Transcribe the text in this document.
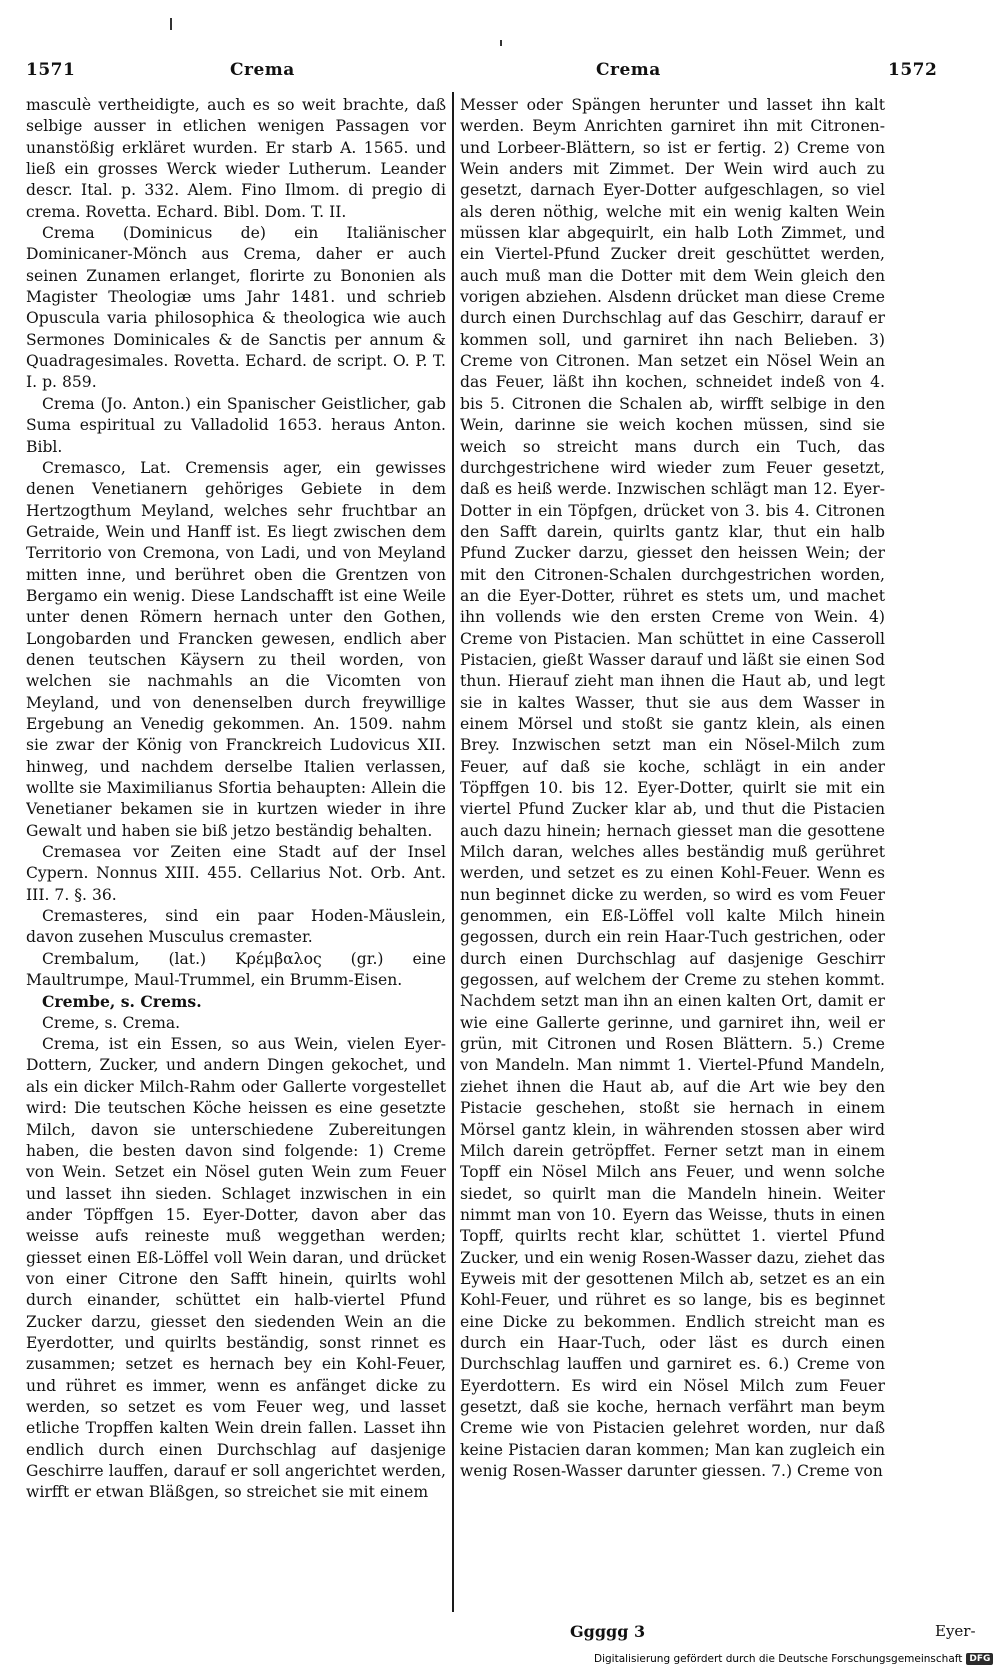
1571	Crema	Crema	1572

masculè vertheidigte, auch es so weit brachte, daß selbige ausser in etlichen wenigen Passagen vor unanstößig erkläret wurden. Er starb A. 1565. und ließ ein grosses Werck wieder Lutherum. Leander descr. Ital. p. 332. Alem. Fino Ilmom. di pregio di crema. Rovetta. Echard. Bibl. Dom. T. II.

Crema (Dominicus de) ein Italiänischer Dominicaner-Mönch aus Crema, daher er auch seinen Zunamen erlanget, florirte zu Bononien als Magister Theologiæ ums Jahr 1481. und schrieb Opuscula varia philosophica & theologica wie auch Sermones Dominicales & de Sanctis per annum & Quadragesimales. Rovetta. Echard. de script. O. P. T. I. p. 859.

Crema (Jo. Anton.) ein Spanischer Geistlicher, gab Suma espiritual zu Valladolid 1653. heraus Anton. Bibl.

Cremasco, Lat. Cremensis ager, ein gewisses denen Venetianern gehöriges Gebiete in dem Hertzogthum Meyland, welches sehr fruchtbar an Getraide, Wein und Hanff ist. Es liegt zwischen dem Territorio von Cremona, von Ladi, und von Meyland mitten inne, und berühret oben die Grentzen von Bergamo ein wenig. Diese Landschafft ist eine Weile unter denen Römern hernach unter den Gothen, Longobarden und Francken gewesen, endlich aber denen teutschen Käysern zu theil worden, von welchen sie nachmahls an die Vicomten von Meyland, und von denenselben durch freywillige Ergebung an Venedig gekommen. An. 1509. nahm sie zwar der König von Franckreich Ludovicus XII. hinweg, und nachdem derselbe Italien verlassen, wollte sie Maximilianus Sfortia behaupten: Allein die Venetianer bekamen sie in kurtzen wieder in ihre Gewalt und haben sie biß jetzo beständig behalten.

Cremasea vor Zeiten eine Stadt auf der Insel Cypern. Nonnus XIII. 455. Cellarius Not. Orb. Ant. III. 7. §. 36.

Cremasteres, sind ein paar Hoden-Mäuslein, davon zusehen Musculus cremaster.

Crembalum, (lat.) Κρέμβαλος (gr.) eine Maultrumpe, Maul-Trummel, ein Brumm-Eisen.

Crembe, s. Crems.

Creme, s. Crema.

Crema, ist ein Essen, so aus Wein, vielen Eyer-Dottern, Zucker, und andern Dingen gekochet, und als ein dicker Milch-Rahm oder Gallerte vorgestellet wird: Die teutschen Köche heissen es eine gesetzte Milch, davon sie unterschiedene Zubereitungen haben, die besten davon sind folgende: 1) Creme von Wein. Setzet ein Nösel guten Wein zum Feuer und lasset ihn sieden. Schlaget inzwischen in ein ander Töpffgen 15. Eyer-Dotter, davon aber das weisse aufs reineste muß weggethan werden; giesset einen Eß-Löffel voll Wein daran, und drücket von einer Citrone den Safft hinein, quirlts wohl durch einander, schüttet ein halb-viertel Pfund Zucker darzu, giesset den siedenden Wein an die Eyerdotter, und quirlts beständig, sonst rinnet es zusammen; setzet es hernach bey ein Kohl-Feuer, und rühret es immer, wenn es anfänget dicke zu werden, so setzet es vom Feuer weg, und lasset etliche Tropffen kalten Wein drein fallen. Lasset ihn endlich durch einen Durchschlag auf dasjenige Geschirre lauffen, darauf er soll angerichtet werden, wirfft er etwan Bläßgen, so streichet sie mit einem

Messer oder Spängen herunter und lasset ihn kalt werden. Beym Anrichten garniret ihn mit Citronen-und Lorbeer-Blättern, so ist er fertig. 2) Creme von Wein anders mit Zimmet. Der Wein wird auch zu gesetzt, darnach Eyer-Dotter aufgeschlagen, so viel als deren nöthig, welche mit ein wenig kalten Wein müssen klar abgequirlt, ein halb Loth Zimmet, und ein Viertel-Pfund Zucker dreit geschüttet werden, auch muß man die Dotter mit dem Wein gleich den vorigen abziehen. Alsdenn drücket man diese Creme durch einen Durchschlag auf das Geschirr, darauf er kommen soll, und garniret ihn nach Belieben. 3) Creme von Citronen. Man setzet ein Nösel Wein an das Feuer, läßt ihn kochen, schneidet indeß von 4. bis 5. Citronen die Schalen ab, wirfft selbige in den Wein, darinne sie weich kochen müssen, sind sie weich so streicht mans durch ein Tuch, das durchgestrichene wird wieder zum Feuer gesetzt, daß es heiß werde. Inzwischen schlägt man 12. Eyer-Dotter in ein Töpfgen, drücket von 3. bis 4. Citronen den Safft darein, quirlts gantz klar, thut ein halb Pfund Zucker darzu, giesset den heissen Wein; der mit den Citronen-Schalen durchgestrichen worden, an die Eyer-Dotter, rühret es stets um, und machet ihn vollends wie den ersten Creme von Wein. 4) Creme von Pistacien. Man schüttet in eine Casseroll Pistacien, gießt Wasser darauf und läßt sie einen Sod thun. Hierauf zieht man ihnen die Haut ab, und legt sie in kaltes Wasser, thut sie aus dem Wasser in einem Mörsel und stoßt sie gantz klein, als einen Brey. Inzwischen setzt man ein Nösel-Milch zum Feuer, auf daß sie koche, schlägt in ein ander Töpffgen 10. bis 12. Eyer-Dotter, quirlt sie mit ein viertel Pfund Zucker klar ab, und thut die Pistacien auch dazu hinein; hernach giesset man die gesottene Milch daran, welches alles beständig muß gerühret werden, und setzet es zu einen Kohl-Feuer. Wenn es nun beginnet dicke zu werden, so wird es vom Feuer genommen, ein Eß-Löffel voll kalte Milch hinein gegossen, durch ein rein Haar-Tuch gestrichen, oder durch einen Durchschlag auf dasjenige Geschirr gegossen, auf welchem der Creme zu stehen kommt. Nachdem setzt man ihn an einen kalten Ort, damit er wie eine Gallerte gerinne, und garniret ihn, weil er grün, mit Citronen und Rosen Blättern. 5.) Creme von Mandeln. Man nimmt 1. Viertel-Pfund Mandeln, ziehet ihnen die Haut ab, auf die Art wie bey den Pistacie geschehen, stoßt sie hernach in einem Mörsel gantz klein, in währenden stossen aber wird Milch darein getröpffet. Ferner setzt man in einem Topff ein Nösel Milch ans Feuer, und wenn solche siedet, so quirlt man die Mandeln hinein. Weiter nimmt man von 10. Eyern das Weisse, thuts in einen Topff, quirlts recht klar, schüttet 1. viertel Pfund Zucker, und ein wenig Rosen-Wasser dazu, ziehet das Eyweis mit der gesottenen Milch ab, setzet es an ein Kohl-Feuer, und rühret es so lange, bis es beginnet eine Dicke zu bekommen. Endlich streicht man es durch ein Haar-Tuch, oder läst es durch einen Durchschlag lauffen und garniret es. 6.) Creme von Eyerdottern. Es wird ein Nösel Milch zum Feuer gesetzt, daß sie koche, hernach verfährt man beym Creme wie von Pistacien gelehret worden, nur daß keine Pistacien daran kommen; Man kan zugleich ein wenig Rosen-Wasser darunter giessen. 7.) Creme von

Ggggg 3	Eyer-
Digitalisierung gefördert durch die Deutsche Forschungsgemeinschaft DFG
